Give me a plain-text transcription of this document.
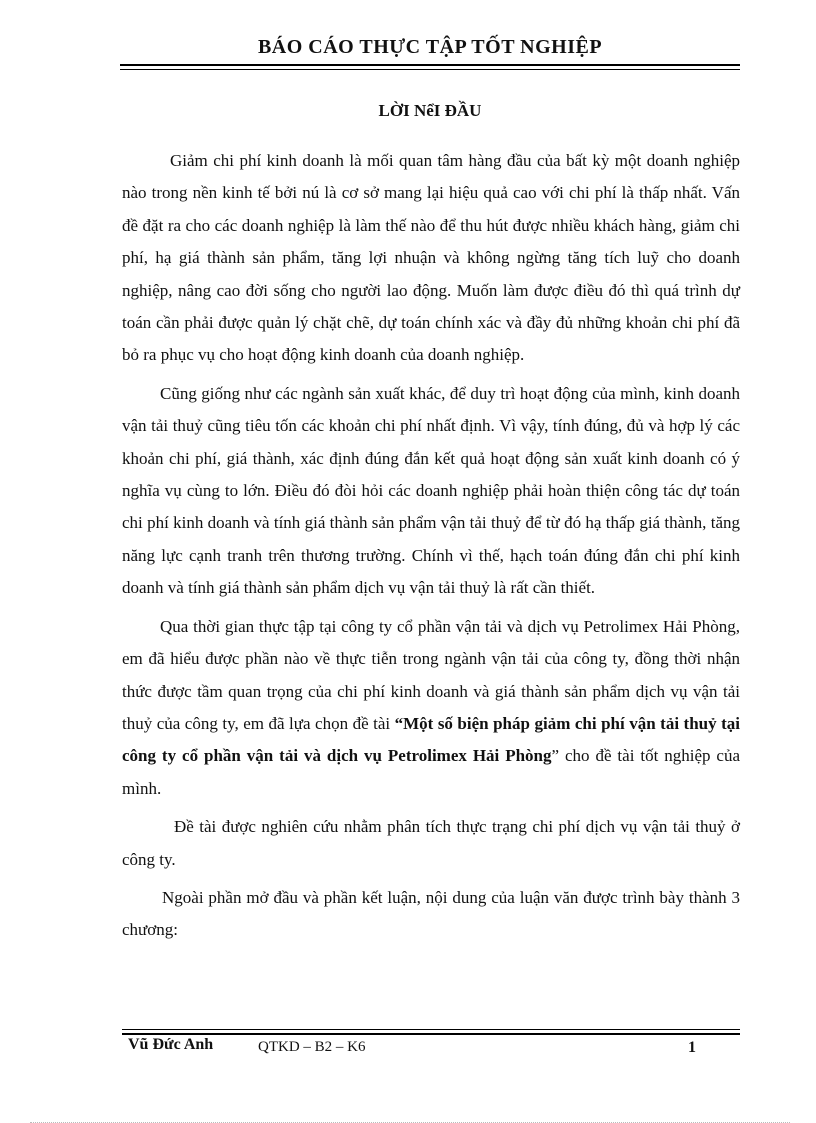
BÁO CÁO THỰC TẬP TỐT NGHIỆP
LỜI NểI ĐẦU

Giảm chi phí kinh doanh là mối quan tâm hàng đầu của bất kỳ một doanh nghiệp nào trong nền kinh tế bởi nú là cơ sở mang lại hiệu quả cao với chi phí là thấp nhất. Vấn đề đặt ra cho các doanh nghiệp là làm thế nào để thu hút được nhiều khách hàng, giảm chi phí, hạ giá thành sản phẩm, tăng lợi nhuận và không ngừng tăng tích luỹ cho doanh nghiệp, nâng cao đời sống cho người lao động. Muốn làm được điều đó thì quá trình dự toán cần phải được quản lý chặt chẽ, dự toán chính xác và đầy đủ những khoản chi phí đã bỏ ra phục vụ cho hoạt động kinh doanh của doanh nghiệp.

Cũng giống như các ngành sản xuất khác, để duy trì hoạt động của mình, kinh doanh vận tải thuỷ cũng tiêu tốn các khoản chi phí nhất định. Vì vậy, tính đúng, đủ và hợp lý các khoản chi phí, giá thành, xác định đúng đắn kết quả hoạt động sản xuất kinh doanh có ý nghĩa vụ cùng to lớn. Điều đó đòi hỏi các doanh nghiệp phải hoàn thiện công tác dự toán chi phí kinh doanh và tính giá thành sản phẩm vận tải thuỷ để từ đó hạ thấp giá thành, tăng năng lực cạnh tranh trên thương trường. Chính vì thế, hạch toán đúng đắn chi phí kinh doanh và tính giá thành sản phẩm dịch vụ vận tải thuỷ là rất cần thiết.

Qua thời gian thực tập tại công ty cổ phần vận tải và dịch vụ Petrolimex Hải Phòng, em đã hiểu được phần nào về thực tiễn trong ngành vận tải của công ty, đồng thời nhận thức được tầm quan trọng của chi phí kinh doanh và giá thành sản phẩm dịch vụ vận tải thuỷ của công ty, em đã lựa chọn đề tài “Một số biện pháp giảm chi phí vận tải thuỷ tại công ty cổ phần vận tải và dịch vụ Petrolimex Hải Phòng” cho đề tài tốt nghiệp của mình.

Đề tài được nghiên cứu nhằm phân tích thực trạng chi phí dịch vụ vận tải thuỷ ở công ty.

Ngoài phần mở đầu và phần kết luận, nội dung của luận văn được trình bày thành 3 chương:

Vũ Đức Anh	QTKD – B2 – K6	1
